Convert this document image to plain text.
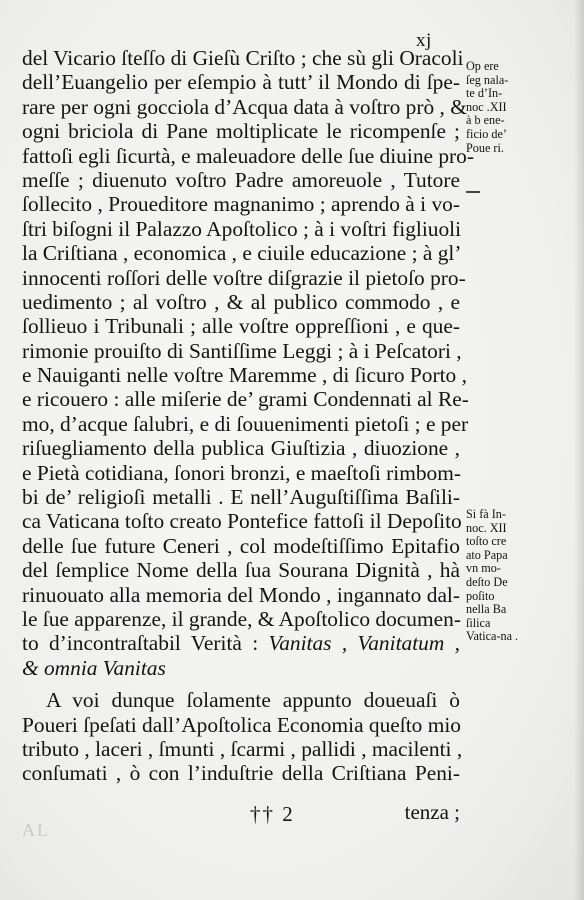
xj
del Vicario ſteſſo di Gieſù Criſto ; che sù gli Oracoli
dell’Euangelio per eſempio à tutt’ il Mondo di ſpe-
rare per ogni gocciola d’Acqua data à voſtro prò , &
ogni briciola di Pane moltiplicate le ricompenſe ;
fattoſi egli ſicurtà, e maleuadore delle ſue diuine pro-
meſſe ; diuenuto voſtro Padre amoreuole , Tutore
ſollecito , Proueditore magnanimo ; aprendo à i vo-
ſtri biſogni il Palazzo Apoſtolico ; à i voſtri figliuoli
la Criſtiana , economica , e ciuile educazione ; à gl’
innocenti roſſori delle voſtre diſgrazie il pietoſo pro-
uedimento ; al voſtro , & al publico commodo , e
ſollieuo i Tribunali ; alle voſtre oppreſſioni , e que-
rimonie prouiſto di Santiſſime Leggi ; à i Peſcatori ,
e Nauiganti nelle voſtre Maremme , di ſicuro Porto ,
e ricouero : alle miſerie de’ grami Condennati al Re-
mo, d’acque ſalubri, e di ſouuenimenti pietoſi ; e per
riſuegliamento della publica Giuſtizia , diuozione ,
e Pietà cotidiana, ſonori bronzi, e maeſtoſi rimbom-
bi de’ religioſi metalli . E nell’Auguſtiſſima Baſili-
ca Vaticana toſto creato Pontefice fattoſi il Depoſito
delle ſue future Ceneri , col modeſtiſſimo Epitafio
del ſemplice Nome della ſua Sourana Dignità , hà
rinuouato alla memoria del Mondo , ingannato dal-
le ſue apparenze, il grande, & Apoſtolico documen-
to d’incontraſtabil Verità : Vanitas , Vanitatum ,
& omnia Vanitas
A voi dunque ſolamente appunto doueuaſi ò
Poueri ſpeſati dall’Apoſtolica Economia queſto mio
tributo , laceri , ſmunti , ſcarmi , pallidi , macilenti ,
conſumati , ò con l’induſtrie della Criſtiana Peni-
Op ere
ſeg nala-
te d’In-
noc .XII
à b ene-
ficio de’
Poue ri.
Si fà In-
noc. XII
toſto cre
ato Papa
vn mo-
deſto De
poſito
nella Ba
ſilica
Vatica-na .
AL
†† 2	tenza ;
